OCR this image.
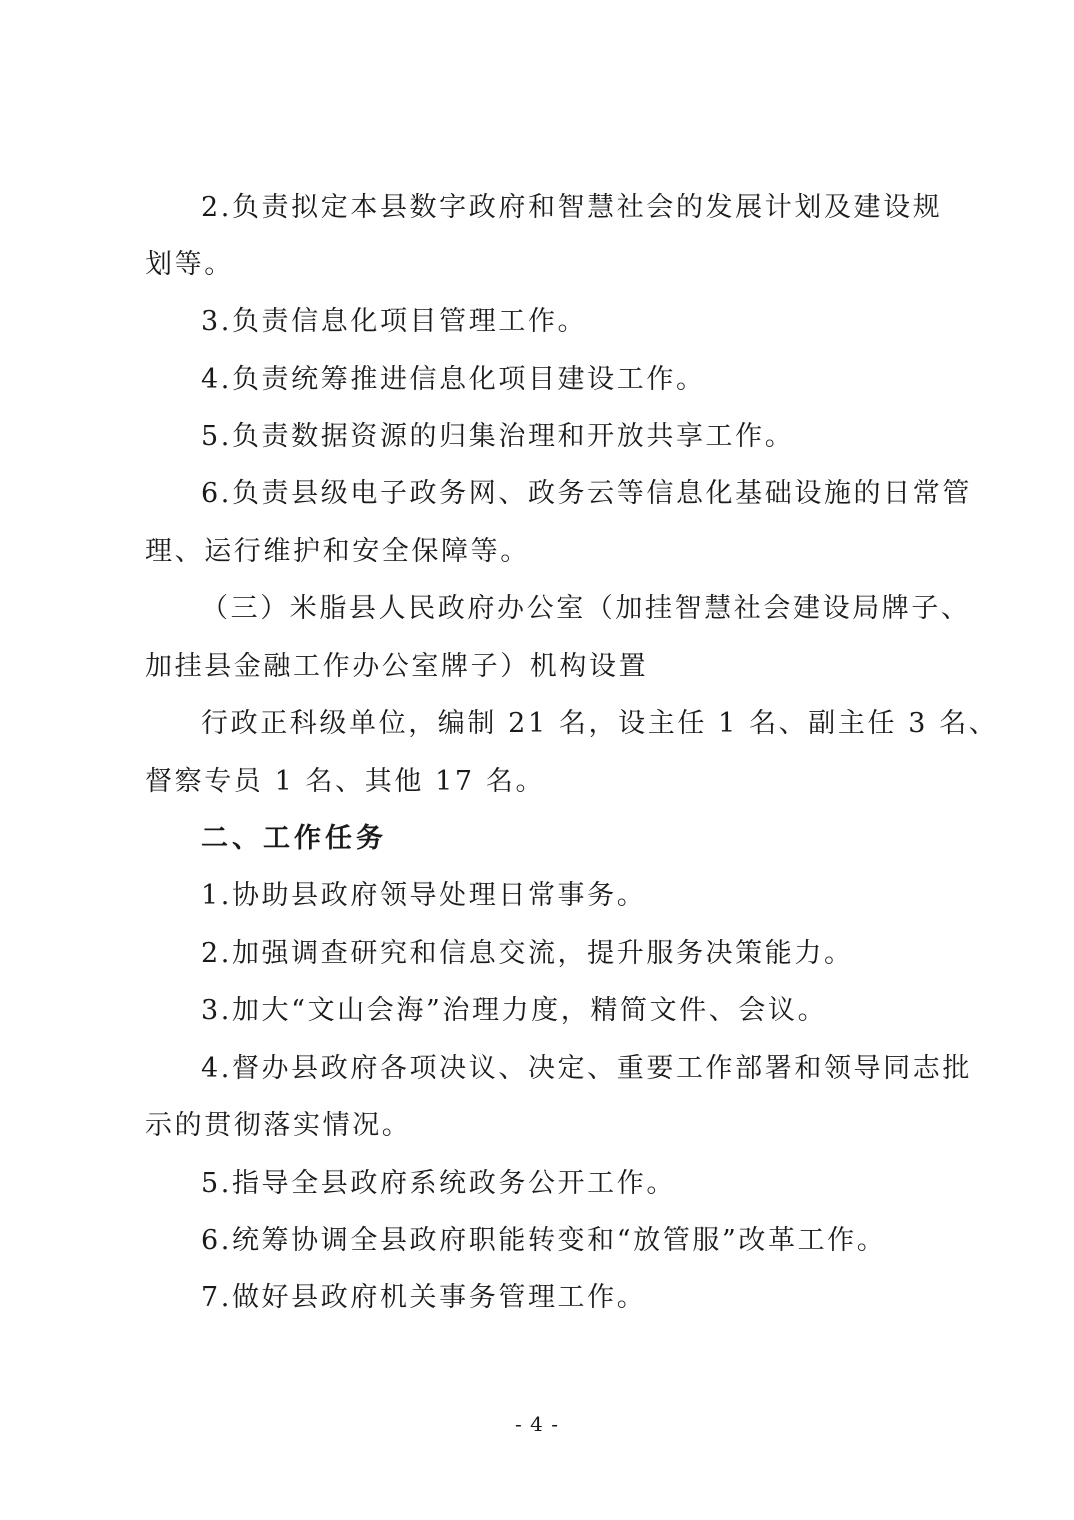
2.负责拟定本县数字政府和智慧社会的发展计划及建设规
划等。
3.负责信息化项目管理工作。
4.负责统筹推进信息化项目建设工作。
5.负责数据资源的归集治理和开放共享工作。
6.负责县级电子政务网、政务云等信息化基础设施的日常管
理、运行维护和安全保障等。
（三）米脂县人民政府办公室（加挂智慧社会建设局牌子、
加挂县金融工作办公室牌子）机构设置
行政正科级单位，编制 21 名，设主任 1 名、副主任 3 名、
督察专员 1 名、其他 17 名。
二、工作任务
1.协助县政府领导处理日常事务。
2.加强调查研究和信息交流，提升服务决策能力。
3.加大“文山会海”治理力度，精简文件、会议。
4.督办县政府各项决议、决定、重要工作部署和领导同志批
示的贯彻落实情况。
5.指导全县政府系统政务公开工作。
6.统筹协调全县政府职能转变和“放管服”改革工作。
7.做好县政府机关事务管理工作。
- 4 -
